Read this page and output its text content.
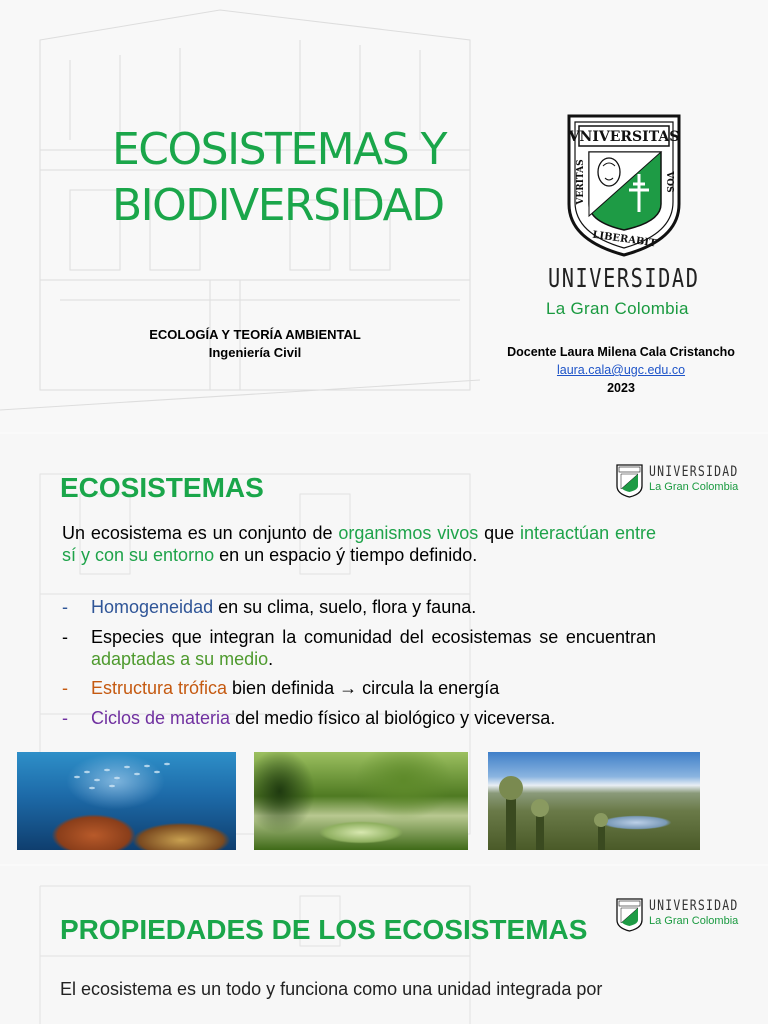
ECOSISTEMAS Y
BIODIVERSIDAD
ECOLOGÍA Y TEORÍA AMBIENTAL
Ingeniería Civil
VNIVERSITAS
VERITAS	VOS
LIBERABIT
UNIVERSIDAD
La Gran Colombia
Docente Laura Milena Cala Cristancho
laura.cala@ugc.edu.co
2023
ECOSISTEMAS	UNIVERSIDAD
La Gran Colombia
Un ecosistema es un conjunto de organismos vivos que interactúan entre sí y con su entorno en un espacio ý tiempo definido.
-	Homogeneidad en su clima, suelo, flora y fauna.
-	Especies que integran la comunidad del ecosistemas se encuentran adaptadas a su medio.
-	Estructura trófica bien definida → circula la energía
-	Ciclos de materia del medio físico al biológico y viceversa.
PROPIEDADES DE LOS ECOSISTEMAS
UNIVERSIDAD
La Gran Colombia
El ecosistema es un todo y funciona como una unidad integrada por
